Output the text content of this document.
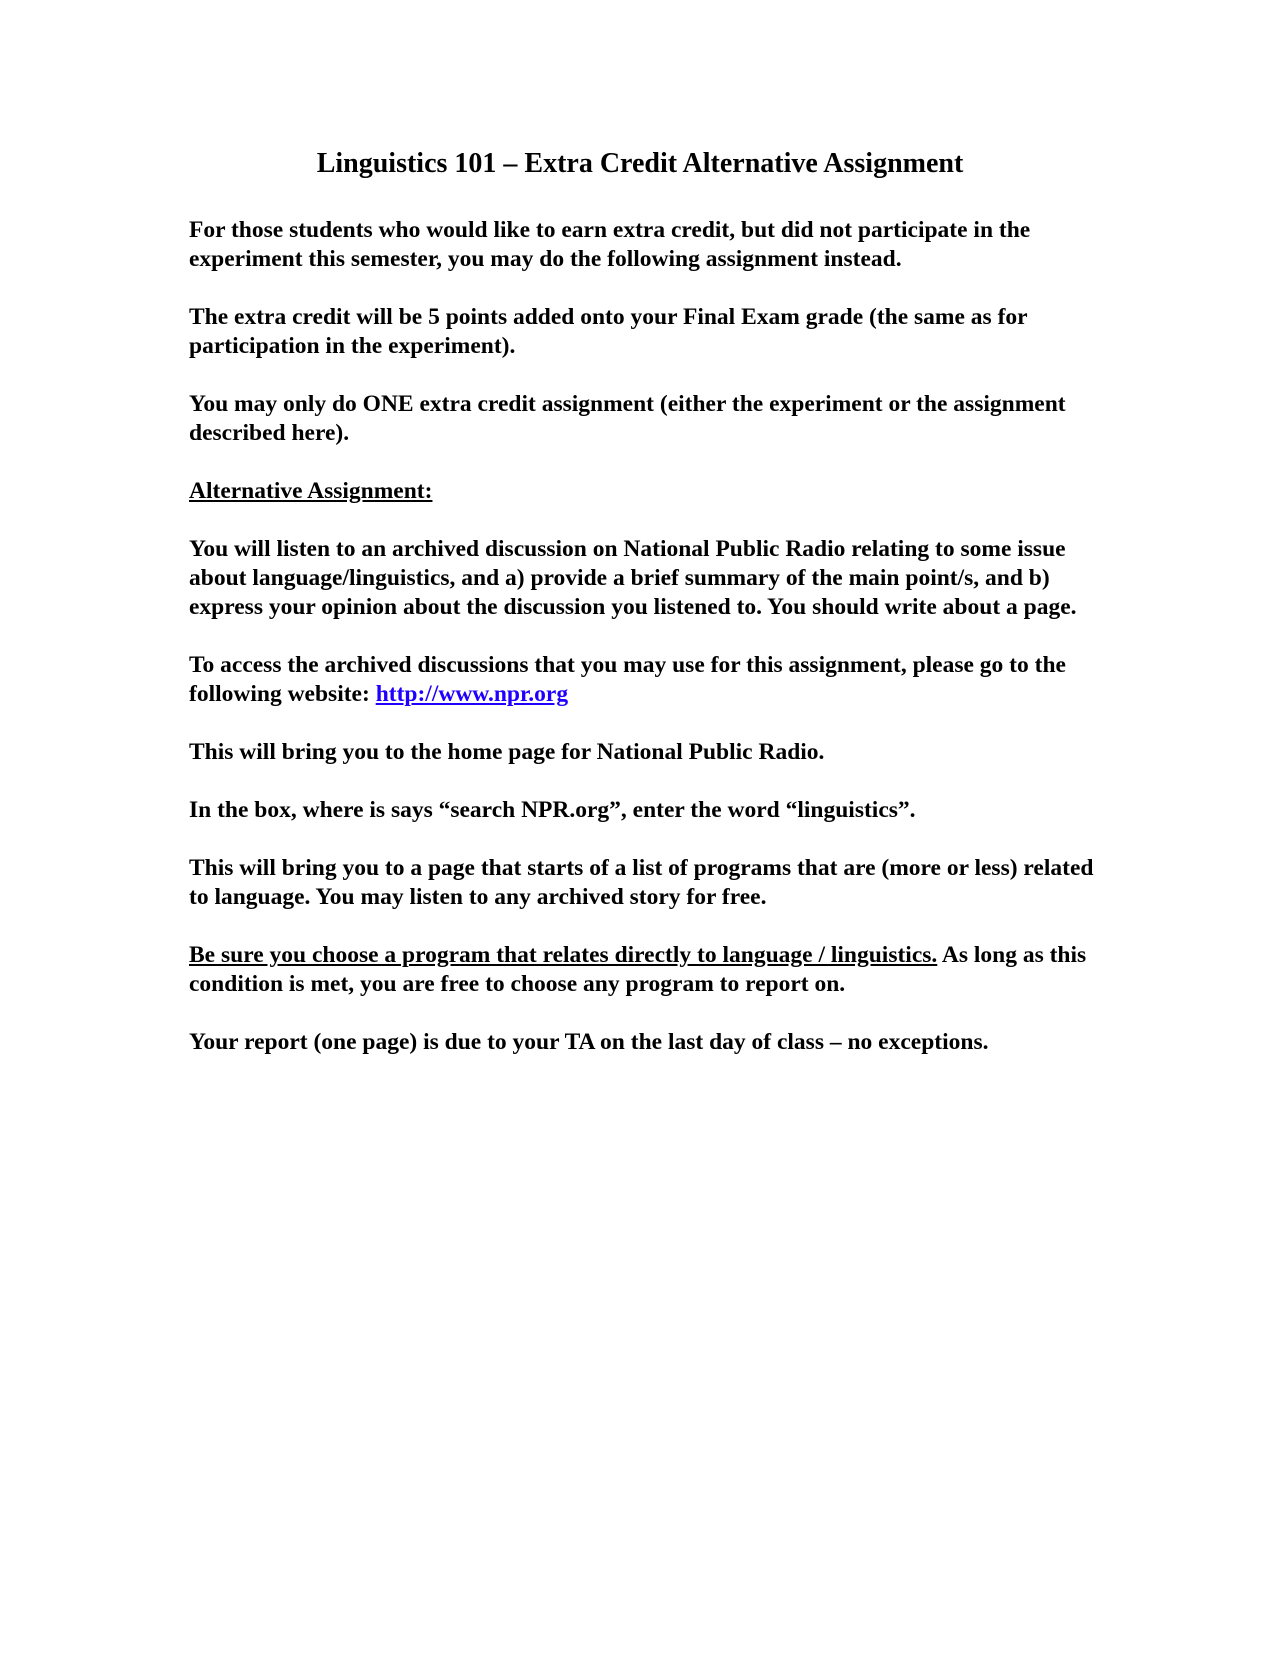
Linguistics 101 – Extra Credit Alternative Assignment

For those students who would like to earn extra credit, but did not participate in the experiment this semester, you may do the following assignment instead.

The extra credit will be 5 points added onto your Final Exam grade (the same as for participation in the experiment).

You may only do ONE extra credit assignment (either the experiment or the assignment described here).

Alternative Assignment:

You will listen to an archived discussion on National Public Radio relating to some issue about language/linguistics, and a) provide a brief summary of the main point/s, and b) express your opinion about the discussion you listened to. You should write about a page.

To access the archived discussions that you may use for this assignment, please go to the following website: http://www.npr.org

This will bring you to the home page for National Public Radio.

In the box, where is says “search NPR.org”, enter the word “linguistics”.

This will bring you to a page that starts of a list of programs that are (more or less) related to language. You may listen to any archived story for free.

Be sure you choose a program that relates directly to language / linguistics. As long as this condition is met, you are free to choose any program to report on.

Your report (one page) is due to your TA on the last day of class – no exceptions.
